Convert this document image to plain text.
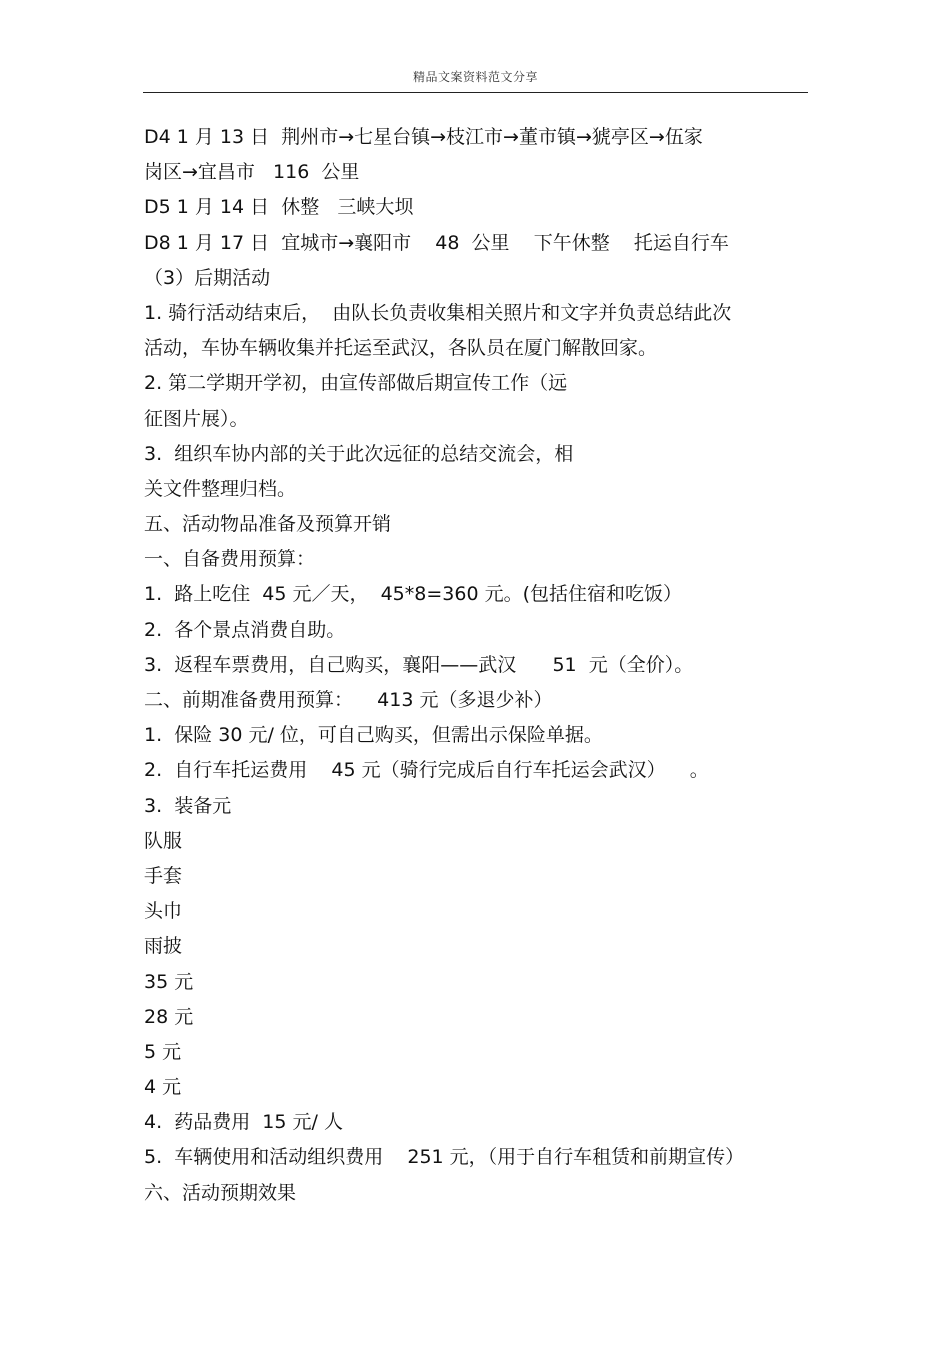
精品文案资料范文分享
D4 1 月 13 日  荆州市→七星台镇→枝江市→董市镇→猇亭区→伍家
岗区→宜昌市   116  公里
D5 1 月 14 日  休整   三峡大坝
D8 1 月 17 日  宜城市→襄阳市    48  公里    下午休整    托运自行车
（3）后期活动
1. 骑行活动结束后，  由队长负责收集相关照片和文字并负责总结此次
活动，车协车辆收集并托运至武汉，各队员在厦门解散回家。
2. 第二学期开学初，由宣传部做后期宣传工作（远
征图片展）。
3.  组织车协内部的关于此次远征的总结交流会，相
关文件整理归档。
五、活动物品准备及预算开销
一、自备费用预算：
1.  路上吃住  45 元／天，  45*8=360 元。(包括住宿和吃饭）
2.  各个景点消费自助。
3.  返程车票费用，自己购买，襄阳——武汉      51  元（全价）。
二、前期准备费用预算：    413 元（多退少补）
1.  保险 30 元/ 位，可自己购买，但需出示保险单据。
2.  自行车托运费用    45 元（骑行完成后自行车托运会武汉）    。
3.  装备元
队服
手套
头巾
雨披
35 元
28 元
5 元
4 元
4.  药品费用  15 元/ 人
5.  车辆使用和活动组织费用    251 元，（用于自行车租赁和前期宣传）
六、活动预期效果
